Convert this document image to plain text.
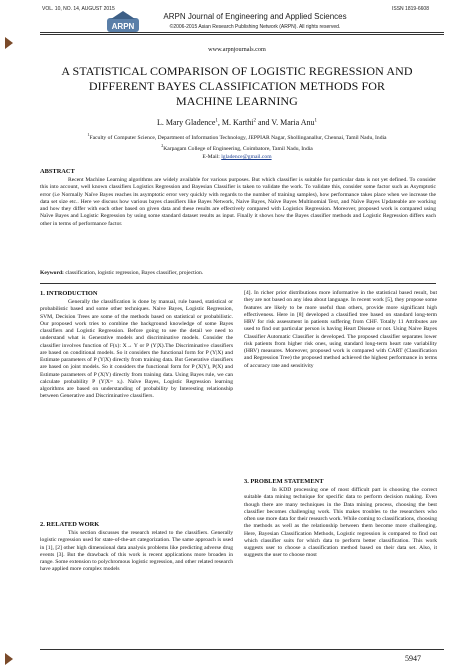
VOL. 10, NO. 14, AUGUST 2015	ISSN 1819-6608
ARPN
ARPN Journal of Engineering and Applied Sciences
©2006-2015 Asian Research Publishing Network (ARPN). All rights reserved.
www.arpnjournals.com
A STATISTICAL COMPARISON OF LOGISTIC REGRESSION AND
DIFFERENT BAYES CLASSIFICATION METHODS FOR
MACHINE LEARNING
L. Mary Gladence$^1$, M. Karthi$^2$ and V. Maria Anu$^1$
$^1$Faculty of Computer Science, Department of Information Technology, JEPPIAR Nagar, Shollinganallur, Chennai, Tamil Nadu, India
$^2$Karpagam College of Engineering, Coimbatore, Tamil Nadu, India
E-Mail: lgladence@gmail.com
ABSTRACT

Recent Machine Learning algorithms are widely available for various purposes. But which classifier is suitable for particular data is not yet defined. To consider this into account, well known classifiers Logistics Regression and Bayesian Classifier is taken to validate the work. To validate this, consider some factor such as Asymptotic error (i.e Normally Naïve Bayes reaches its asymptotic error very quickly with regards to the number of training samples), how performance takes place when we increase the data set size etc.. Here we discuss how various bayes classifiers like Bayes Network, Naive Bayes, Naïve Bayes Multinomial Text, and Naïve Bayes Updateable are working and how they differ with each other based on given data and these results are effectively compared with Logistics Regression. Moreover, proposed work is compared using Naïve Bayes and Logistic Regression by using some standard dataset results as input. Finally it shows how the Bayes classifier methods and Logistic Regression differs each other in terms of performance factor.

Keyword: classification, logistic regression, Bayes classifier, projection.
1. INTRODUCTION

Generally the classification is done by manual, rule based, statistical or probabilistic based and some other techniques. Naive Bayes, Logistic Regression, SVM, Decision Trees are some of the methods based on statistical or probabilistic. Our proposed work tries to combine the background knowledge of some Bayes classifiers and Logistic Regression. Before going to see the detail we need to understand what is Generative models and discriminative models. Consider the classifier involves function of F(x): X→ Y or P (Y|X).The Discriminative classifiers are based on conditional models. So it considers the functional form for P (Y|X) and Estimate parameters of P (Y|X) directly from training data. But Generative classifiers are based on joint models. So it considers the functional form for P (X|Y), P(X) and Estimate parameters of P (X|Y) directly from training data. Using Bayes rule, we can calculate probability P (Y|X= xᵢ). Naïve Bayes, Logistic Regression learning algorithms are based on understanding of probability by Interesting relationship between Generative and Discriminative classifiers.

2. RELATED WORK

This section discusses the research related to the classifiers. Generally logistic regression used for state-of-the-art categorization. The same approach is used in [1], [2] other high dimensional data analysis problems like predicting adverse drug events [3]. But the drawback of this work is recent applications more broaden in range. Some extension to polychromous logistic regression, and other related research have applied more complex models

[4]. In richer prior distributions more informative in the statistical based result, but they are not based on any idea about language. In recent work [5], they propose some features are likely to be more useful than others, provide more significant high effectiveness. Here in [8] developed a classified tree based on standard long-term HRV for risk assessment in patients suffering from CHF. Totally 11 Attributes are used to find out particular person is having Heart Disease or not. Using Naive Bayes Classifier Automatic Classifier is developed. The proposed classifier separates lower risk patients from higher risk ones, using standard long-term heart rate variability (HRV) measures. Moreover, proposed work is compared with CART (Classification and Regression Tree) the proposed method achieved the highest performance in terms of accuracy rate and sensitivity

3. PROBLEM STATEMENT

In KDD processing one of most difficult part is choosing the correct suitable data mining technique for specific data to perform decision making. Even though there are many techniques in the Data mining process, choosing the best classifier becomes challenging work. This makes troubles to the researchers who often use more data for their research work. While coming to classifications, choosing the methods as well as the relationship between them become more challenging. Here, Bayesian Classification Methods, Logistic regression is compared to find out which classifier suits for which data to perform better classification. This work suggests user to choose a classification method based on their data set. Also, it suggests the user to choose most

5947
